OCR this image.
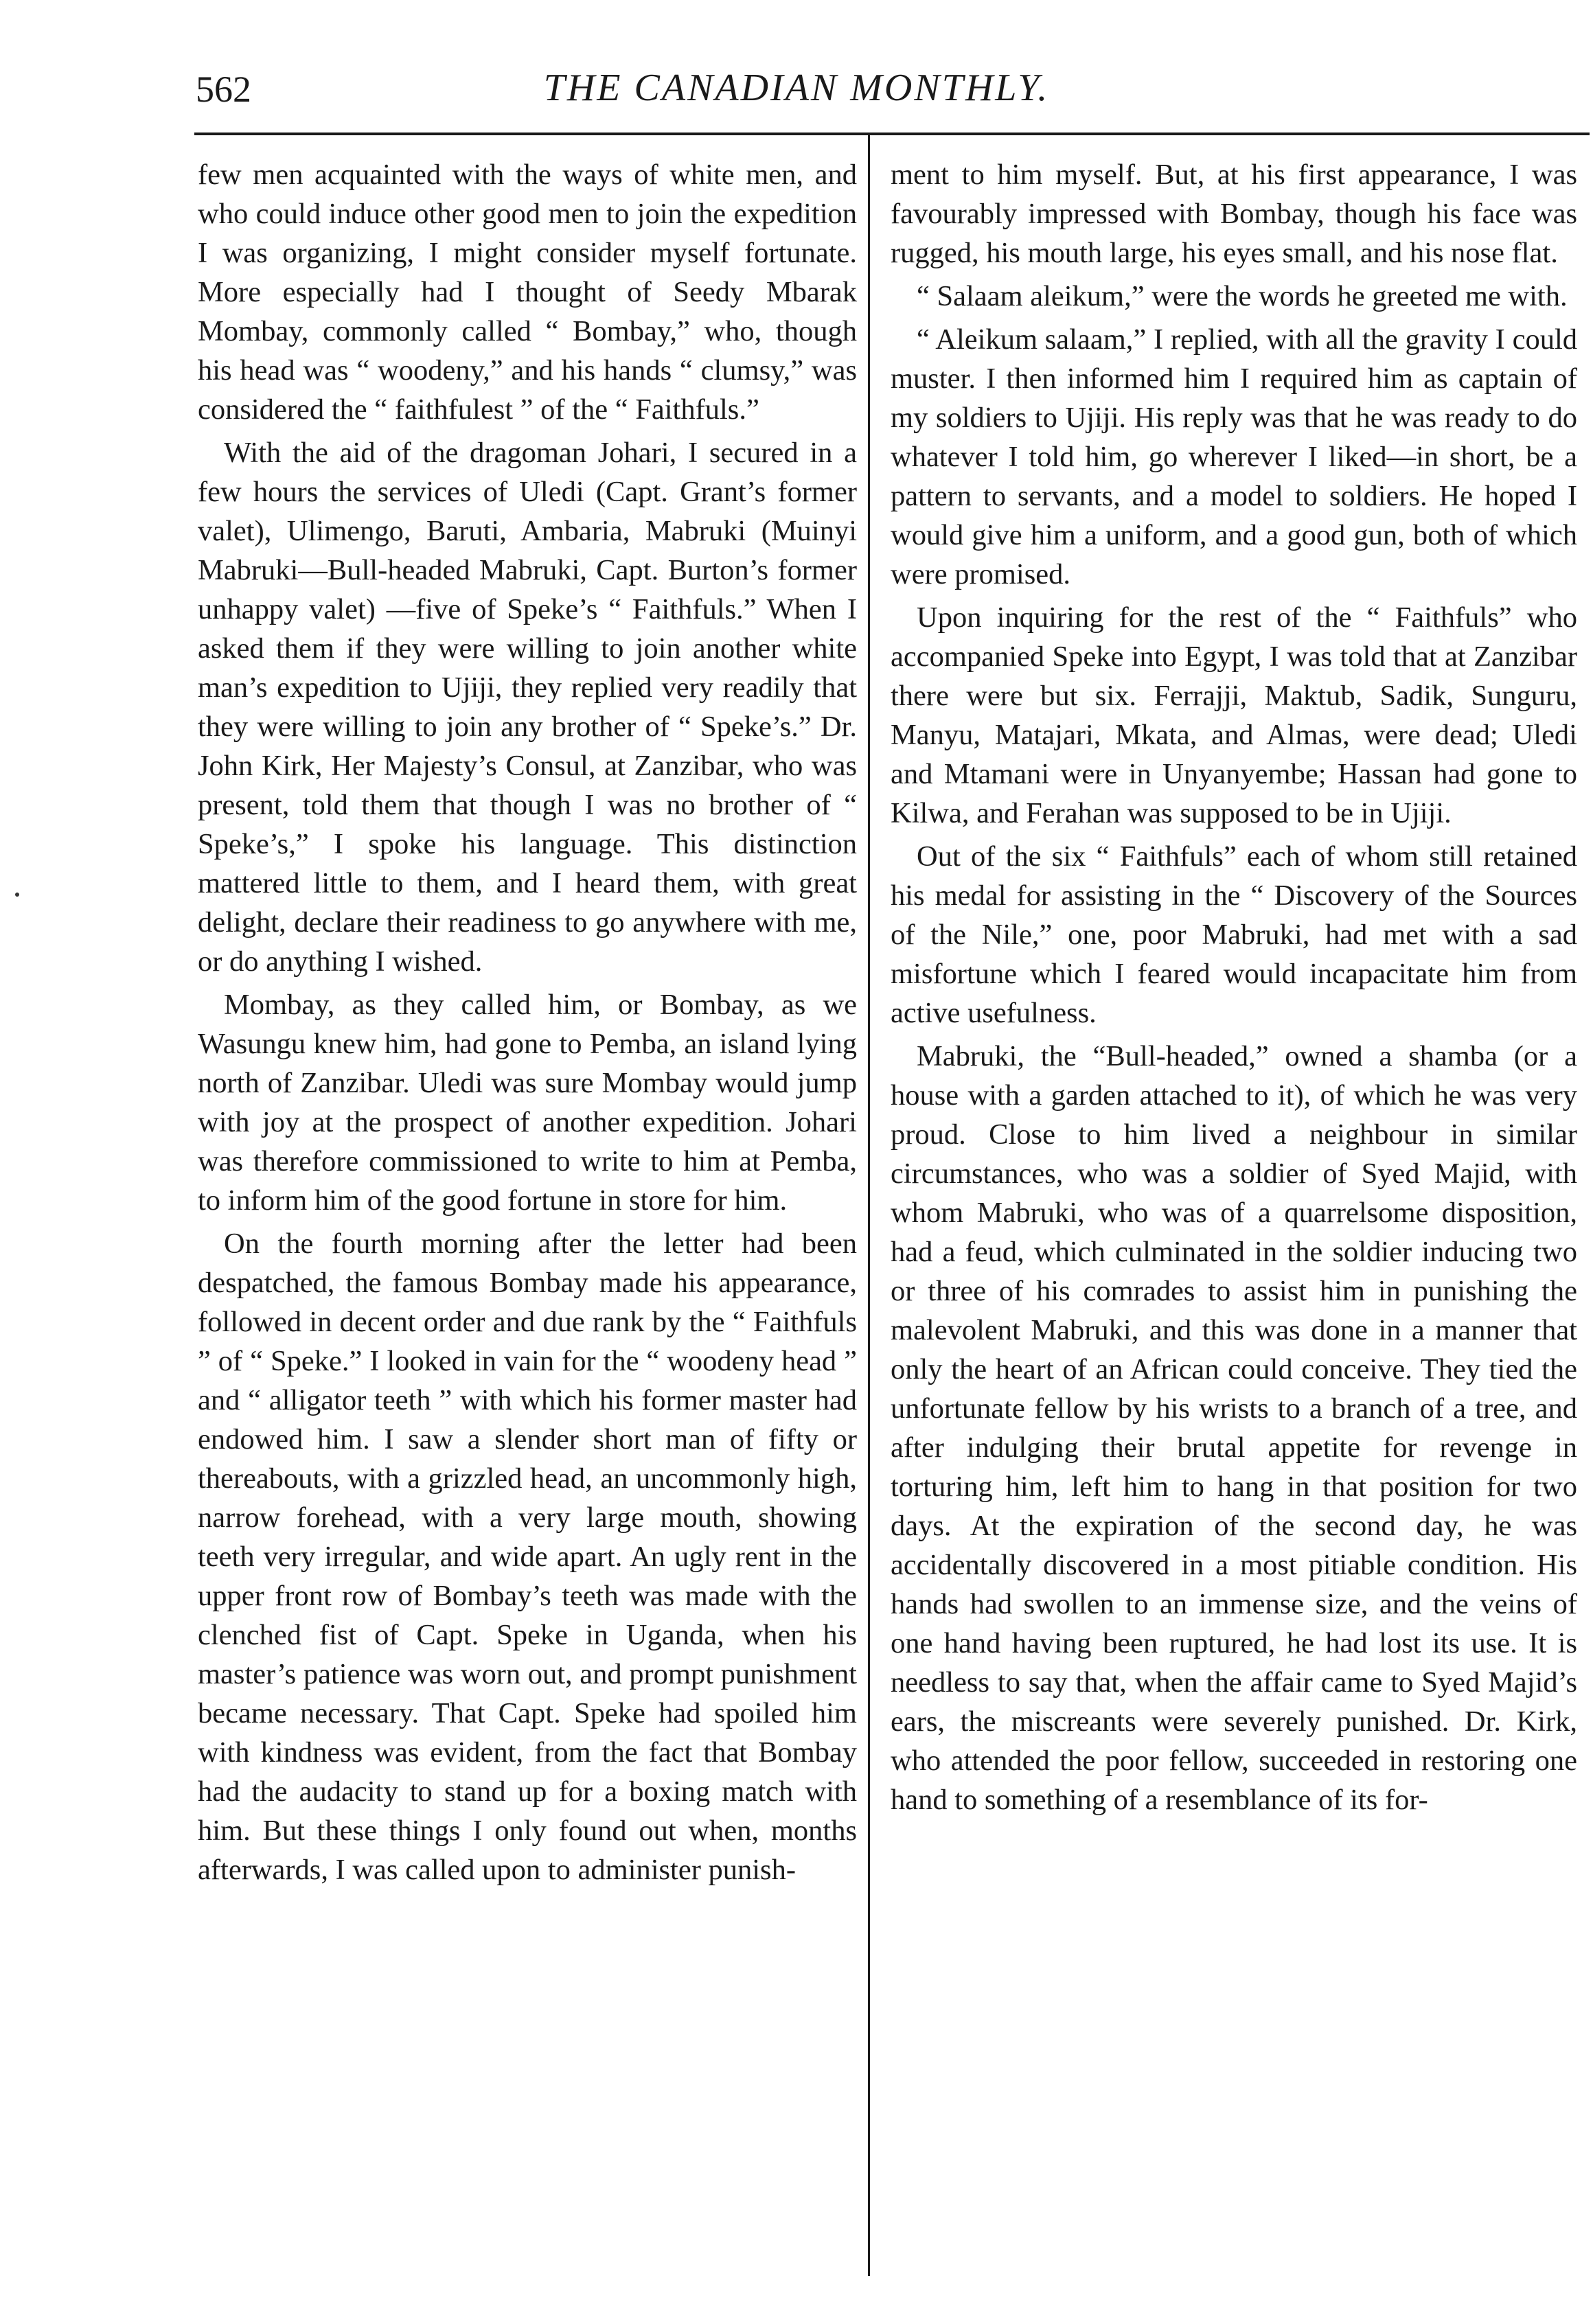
562	THE CANADIAN MONTHLY.

few men acquainted with the ways of white men, and who could induce other good men to join the expedition I was organizing, I might consider myself fortunate. More especially had I thought of Seedy Mbarak Mombay, commonly called “ Bombay,” who, though his head was “ woodeny,” and his hands “ clumsy,” was considered the “ faithfulest ” of the “ Faithfuls.”

With the aid of the dragoman Johari, I secured in a few hours the services of Uledi (Capt. Grant’s former valet), Ulimengo, Baruti, Ambaria, Mabruki (Muinyi Mabruki—Bull-headed Mabruki, Capt. Burton’s former unhappy valet) —five of Speke’s “ Faithfuls.” When I asked them if they were willing to join another white man’s expedition to Ujiji, they replied very readily that they were willing to join any brother of “ Speke’s.” Dr. John Kirk, Her Majesty’s Consul, at Zanzibar, who was present, told them that though I was no brother of “ Speke’s,” I spoke his language. This distinction mattered little to them, and I heard them, with great delight, declare their readiness to go anywhere with me, or do anything I wished.

Mombay, as they called him, or Bombay, as we Wasungu knew him, had gone to Pemba, an island lying north of Zanzibar. Uledi was sure Mombay would jump with joy at the prospect of another expedition. Johari was therefore commissioned to write to him at Pemba, to inform him of the good fortune in store for him.

On the fourth morning after the letter had been despatched, the famous Bombay made his appearance, followed in decent order and due rank by the “ Faithfuls ” of “ Speke.” I looked in vain for the “ woodeny head ” and “ alligator teeth ” with which his former master had endowed him. I saw a slender short man of fifty or thereabouts, with a grizzled head, an uncommonly high, narrow forehead, with a very large mouth, showing teeth very irregular, and wide apart. An ugly rent in the upper front row of Bombay’s teeth was made with the clenched fist of Capt. Speke in Uganda, when his master’s patience was worn out, and prompt punishment became necessary. That Capt. Speke had spoiled him with kindness was evident, from the fact that Bombay had the audacity to stand up for a boxing match with him. But these things I only found out when, months afterwards, I was called upon to administer punish-

ment to him myself. But, at his first appearance, I was favourably impressed with Bombay, though his face was rugged, his mouth large, his eyes small, and his nose flat.

“ Salaam aleikum,” were the words he greeted me with.

“ Aleikum salaam,” I replied, with all the gravity I could muster. I then informed him I required him as captain of my soldiers to Ujiji. His reply was that he was ready to do whatever I told him, go wherever I liked—in short, be a pattern to servants, and a model to soldiers. He hoped I would give him a uniform, and a good gun, both of which were promised.

Upon inquiring for the rest of the “ Faithfuls” who accompanied Speke into Egypt, I was told that at Zanzibar there were but six. Ferrajji, Maktub, Sadik, Sunguru, Manyu, Matajari, Mkata, and Almas, were dead; Uledi and Mtamani were in Unyanyembe; Hassan had gone to Kilwa, and Ferahan was supposed to be in Ujiji.

Out of the six “ Faithfuls” each of whom still retained his medal for assisting in the “ Discovery of the Sources of the Nile,” one, poor Mabruki, had met with a sad misfortune which I feared would incapacitate him from active usefulness.

Mabruki, the “Bull-headed,” owned a shamba (or a house with a garden attached to it), of which he was very proud. Close to him lived a neighbour in similar circumstances, who was a soldier of Syed Majid, with whom Mabruki, who was of a quarrelsome disposition, had a feud, which culminated in the soldier inducing two or three of his comrades to assist him in punishing the malevolent Mabruki, and this was done in a manner that only the heart of an African could conceive. They tied the unfortunate fellow by his wrists to a branch of a tree, and after indulging their brutal appetite for revenge in torturing him, left him to hang in that position for two days. At the expiration of the second day, he was accidentally discovered in a most pitiable condition. His hands had swollen to an immense size, and the veins of one hand having been ruptured, he had lost its use. It is needless to say that, when the affair came to Syed Majid’s ears, the miscreants were severely punished. Dr. Kirk, who attended the poor fellow, succeeded in restoring one hand to something of a resemblance of its for-
